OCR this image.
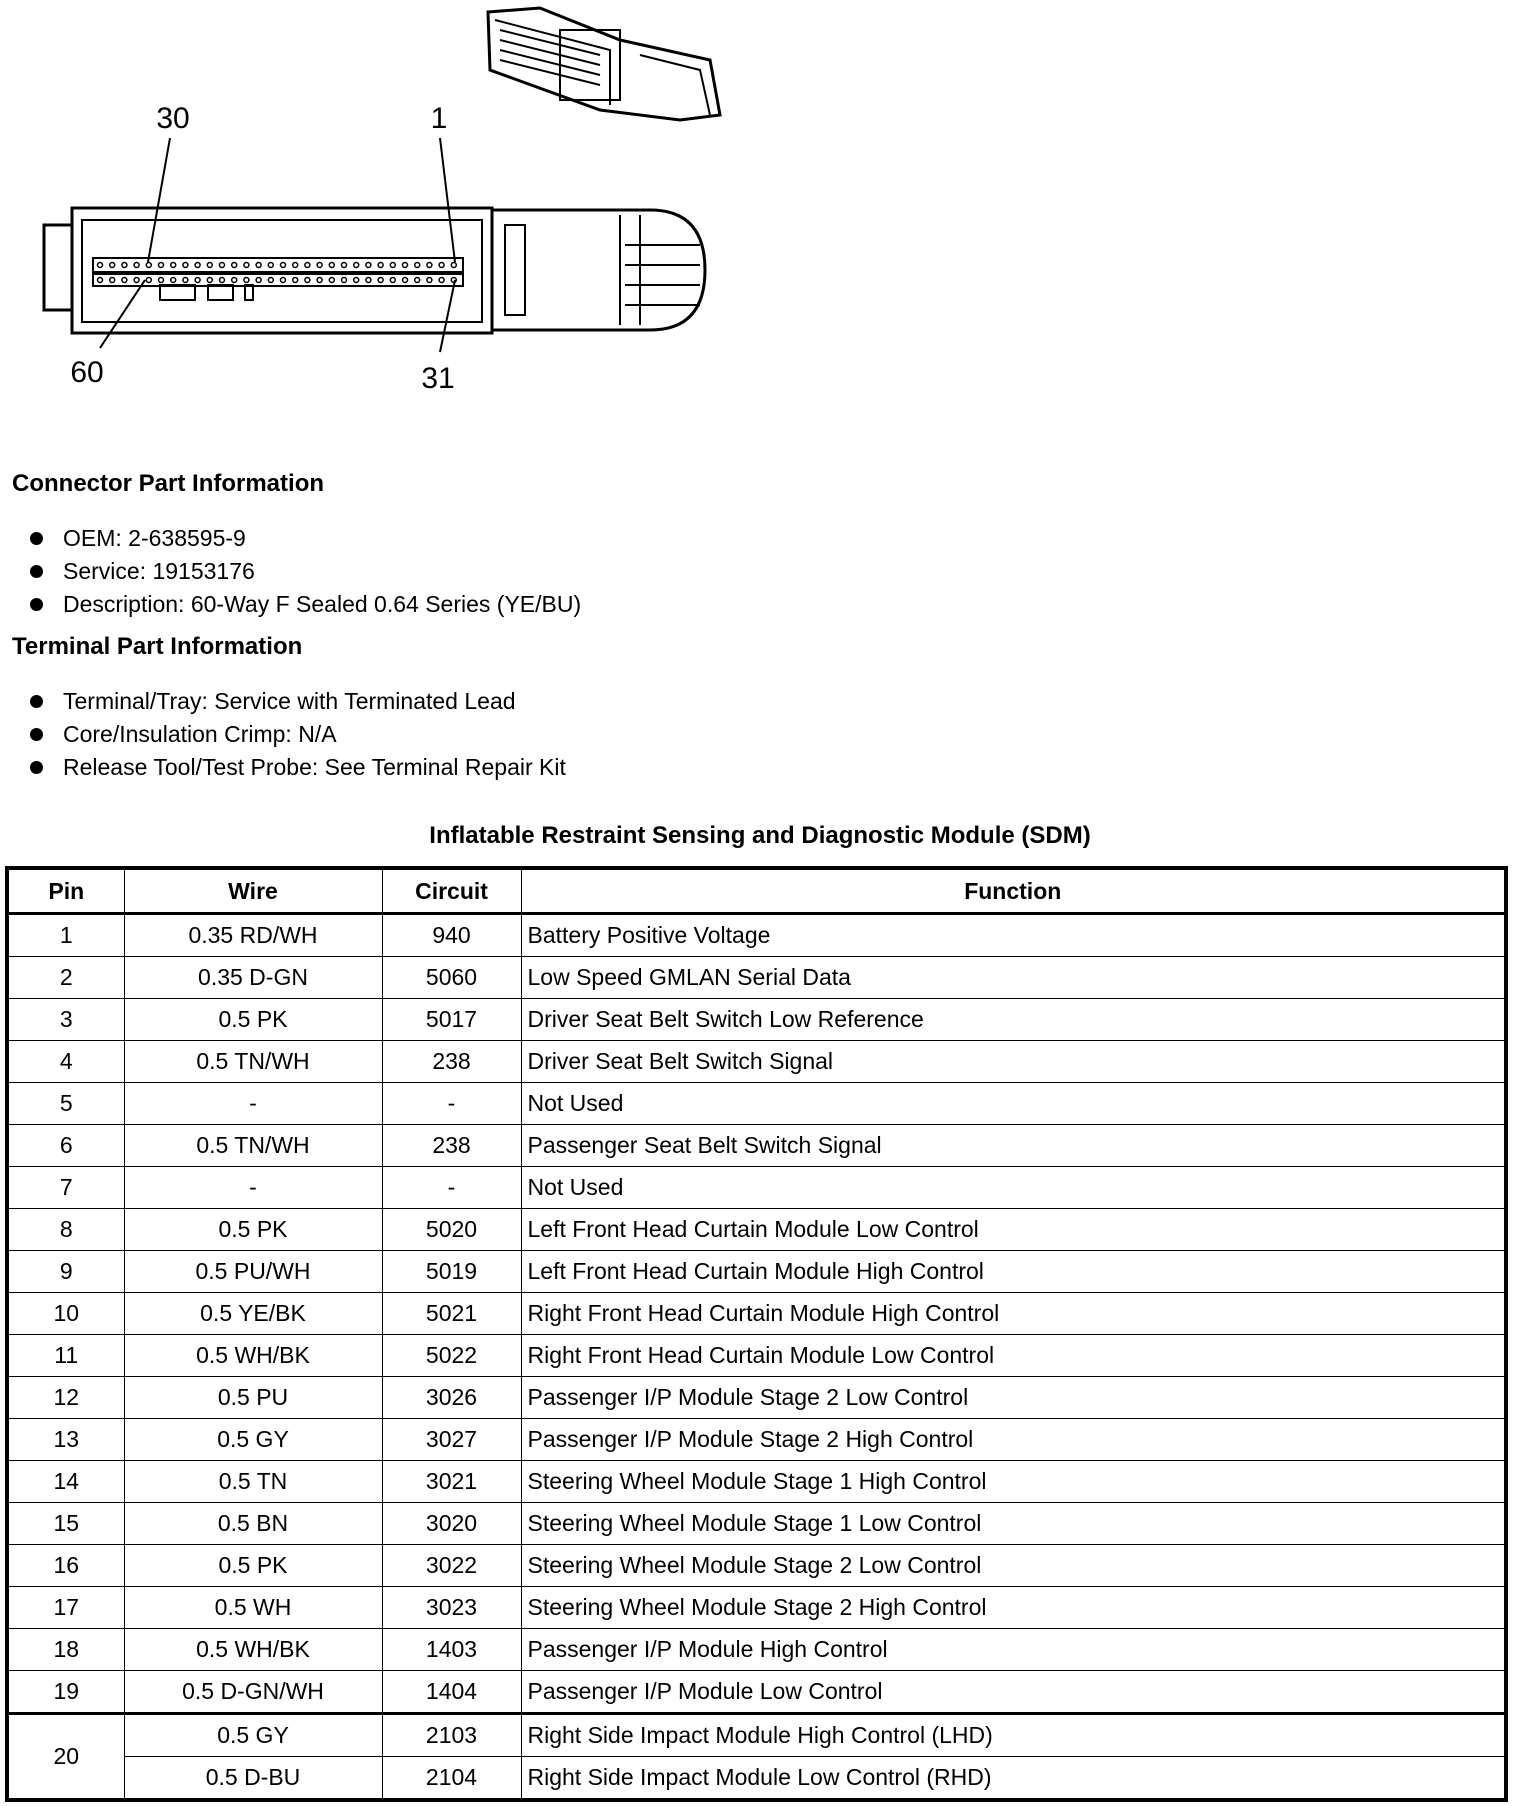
30	1
60	31
Connector Part Information
OEM: 2-638595-9
Service: 19153176
Description: 60-Way F Sealed 0.64 Series (YE/BU)
Terminal Part Information
Terminal/Tray: Service with Terminated Lead
Core/Insulation Crimp: N/A
Release Tool/Test Probe: See Terminal Repair Kit
Inflatable Restraint Sensing and Diagnostic Module (SDM)
Pin	Wire	Circuit	Function
1	0.35 RD/WH	940	Battery Positive Voltage
2	0.35 D-GN	5060	Low Speed GMLAN Serial Data
3	0.5 PK	5017	Driver Seat Belt Switch Low Reference
4	0.5 TN/WH	238	Driver Seat Belt Switch Signal
5	-	-	Not Used
6	0.5 TN/WH	238	Passenger Seat Belt Switch Signal
7	-	-	Not Used
8	0.5 PK	5020	Left Front Head Curtain Module Low Control
9	0.5 PU/WH	5019	Left Front Head Curtain Module High Control
10	0.5 YE/BK	5021	Right Front Head Curtain Module High Control
11	0.5 WH/BK	5022	Right Front Head Curtain Module Low Control
12	0.5 PU	3026	Passenger I/P Module Stage 2 Low Control
13	0.5 GY	3027	Passenger I/P Module Stage 2 High Control
14	0.5 TN	3021	Steering Wheel Module Stage 1 High Control
15	0.5 BN	3020	Steering Wheel Module Stage 1 Low Control
16	0.5 PK	3022	Steering Wheel Module Stage 2 Low Control
17	0.5 WH	3023	Steering Wheel Module Stage 2 High Control
18	0.5 WH/BK	1403	Passenger I/P Module High Control
19	0.5 D-GN/WH	1404	Passenger I/P Module Low Control
20	0.5 GY	2103	Right Side Impact Module High Control (LHD)
	0.5 D-BU	2104	Right Side Impact Module Low Control (RHD)
